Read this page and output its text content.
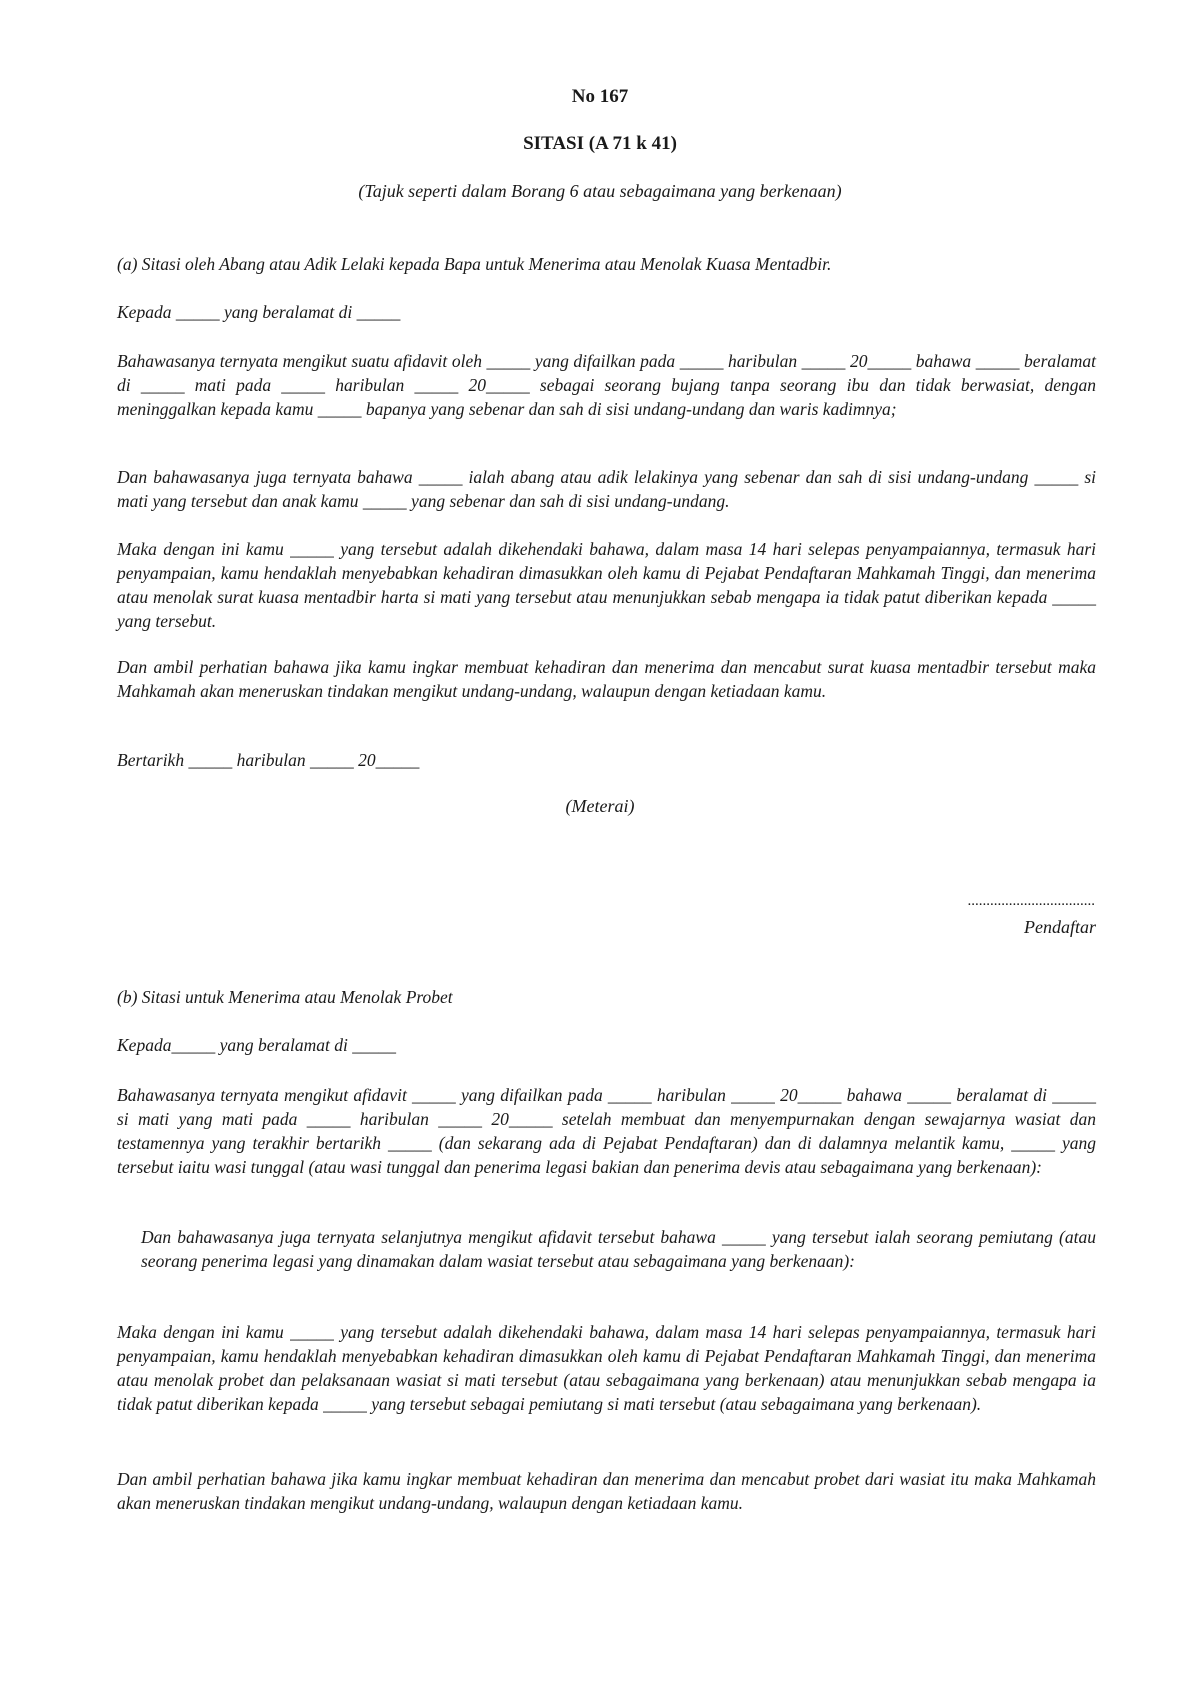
No 167
SITASI (A 71 k 41)
(Tajuk seperti dalam Borang 6 atau sebagaimana yang berkenaan)
(a) Sitasi oleh Abang atau Adik Lelaki kepada Bapa untuk Menerima atau Menolak Kuasa Mentadbir.
Kepada _____ yang beralamat di _____
Bahawasanya ternyata mengikut suatu afidavit oleh _____ yang difailkan pada _____ haribulan _____ 20_____ bahawa _____ beralamat di _____ mati pada _____ haribulan _____ 20_____ sebagai seorang bujang tanpa seorang ibu dan tidak berwasiat, dengan meninggalkan kepada kamu _____ bapanya yang sebenar dan sah di sisi undang-undang dan waris kadimnya;
Dan bahawasanya juga ternyata bahawa _____ ialah abang atau adik lelakinya yang sebenar dan sah di sisi undang-undang _____ si mati yang tersebut dan anak kamu _____ yang sebenar dan sah di sisi undang-undang.
Maka dengan ini kamu _____ yang tersebut adalah dikehendaki bahawa, dalam masa 14 hari selepas penyampaiannya, termasuk hari penyampaian, kamu hendaklah menyebabkan kehadiran dimasukkan oleh kamu di Pejabat Pendaftaran Mahkamah Tinggi, dan menerima atau menolak surat kuasa mentadbir harta si mati yang tersebut atau menunjukkan sebab mengapa ia tidak patut diberikan kepada _____ yang tersebut.
Dan ambil perhatian bahawa jika kamu ingkar membuat kehadiran dan menerima dan mencabut surat kuasa mentadbir tersebut maka Mahkamah akan meneruskan tindakan mengikut undang-undang, walaupun dengan ketiadaan kamu.
Bertarikh _____ haribulan _____ 20_____
(Meterai)
..................................
Pendaftar
(b) Sitasi untuk Menerima atau Menolak Probet
Kepada_____ yang beralamat di _____
Bahawasanya ternyata mengikut afidavit _____ yang difailkan pada _____ haribulan _____ 20_____ bahawa _____ beralamat di _____ si mati yang mati pada _____ haribulan _____ 20_____ setelah membuat dan menyempurnakan dengan sewajarnya wasiat dan testamennya yang terakhir bertarikh _____ (dan sekarang ada di Pejabat Pendaftaran) dan di dalamnya melantik kamu, _____ yang tersebut iaitu wasi tunggal (atau wasi tunggal dan penerima legasi bakian dan penerima devis atau sebagaimana yang berkenaan):
Dan bahawasanya juga ternyata selanjutnya mengikut afidavit tersebut bahawa _____ yang tersebut ialah seorang pemiutang (atau seorang penerima legasi yang dinamakan dalam wasiat tersebut atau sebagaimana yang berkenaan):
Maka dengan ini kamu _____ yang tersebut adalah dikehendaki bahawa, dalam masa 14 hari selepas penyampaiannya, termasuk hari penyampaian, kamu hendaklah menyebabkan kehadiran dimasukkan oleh kamu di Pejabat Pendaftaran Mahkamah Tinggi, dan menerima atau menolak probet dan pelaksanaan wasiat si mati tersebut (atau sebagaimana yang berkenaan) atau menunjukkan sebab mengapa ia tidak patut diberikan kepada _____ yang tersebut sebagai pemiutang si mati tersebut (atau sebagaimana yang berkenaan).
Dan ambil perhatian bahawa jika kamu ingkar membuat kehadiran dan menerima dan mencabut probet dari wasiat itu maka Mahkamah akan meneruskan tindakan mengikut undang-undang, walaupun dengan ketiadaan kamu.
